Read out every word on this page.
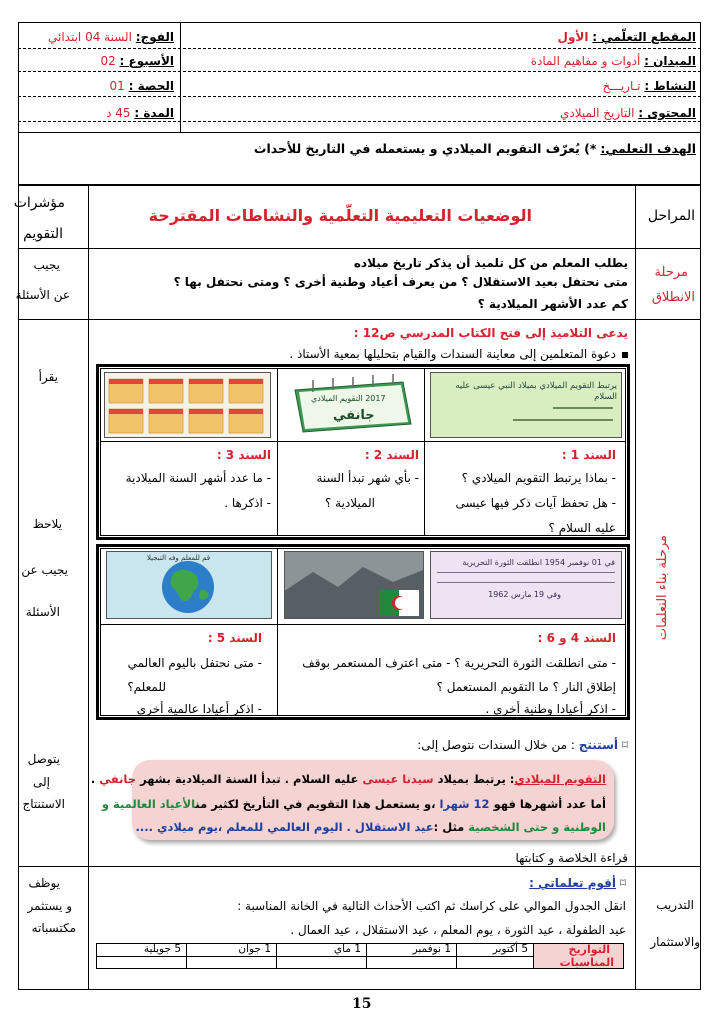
المقطع التعلّمي : الأول
الميدان : أدوات و مفاهيم المادة
النشاط : تـاريـــخ
المحتوى : التاريخ الميلادي
الفوج: السنة 04 ابتدائي
الأسبوع : 02
الحصة : 01
المدة : 45 د
الهدف التعلمي: *) يُعرّف التقويم الميلادي و يستعمله في التاريخ للأحداث
المراحل
الوضعيات التعليمية التعلّمية والنشاطات المقترحة
مؤشرات
التقويم
مرحلة
الانطلاق
يطلب المعلم من كل تلميذ أن يذكر تاريخ ميلاده
متى نحتفل بعيد الاستقلال ؟ من يعرف أعياد وطنية أخرى ؟ ومتى نحتفل بها ؟
كم عدد الأشهر الميلادية ؟
يجيب
عن الأسئلة
مرحلة بناء التعلمات
يقرأ
يلاحظ
يجيب عن
الأسئلة
يتوصل
إلى
الاستنتاج
يدعى التلاميذ إلى فتح الكتاب المدرسي ص12 :
دعوة المتعلمين إلى معاينة السندات والقيام بتحليلها بمعية الأستاذ .
2017 التقويم الميلادي
جانفي
يرتبط التقويم الميلادي بميلاد النبي عيسى عليه السلام
السند 1 :
- بماذا يرتبط التقويم الميلادي ؟
- هل تحفظ آيات ذكر فيها عيسى
عليه السلام ؟
السند 2 :
- بأي شهر تبدأ السنة
الميلادية ؟
السند 3 :
- ما عدد أشهر السنة الميلادية
- اذكرها .
قم للمعلم وفه التبجيلا	في 01 نوفمبر 1954 انطلقت الثورة التحريرية
وفي 19 مارس 1962
السند 4 و 6 :
- متى انطلقت الثورة التحريرية ؟ - متى اعترف المستعمر بوقف
إطلاق النار ؟ ما التقويم المستعمل ؟
- اذكر أعيادا وطنية أخرى .
السند 5 :
- متى نحتفل باليوم العالمي
للمعلم؟
- اذكر أعيادا عالمية أخرى
⌑ أستنتج : من خلال السندات نتوصل إلى:
التقويم الميلادي: يرتبط بميلاد سيدنا عيسى عليه السلام . تبدأ السنة الميلادية بشهر جانفي .
أما عدد أشهرها فهو 12 شهرا ،و يستعمل هذا التقويم في التأريخ لكثير منالأعياد العالمية و
الوطنية و حتى الشخصية مثل :عيد الاستقلال . اليوم العالمي للمعلم ،يوم ميلادي ....
قراءة الخلاصة و كتابتها
التدريب
والاستثمار
يوظف
و يستثمر
مكتسباته
⌑ أقوم تعلماتي :
انقل الجدول الموالي على كراسك ثم اكتب الأحداث التالية في الخانة المناسبة :
عيد الطفولة ، عيد الثورة ، يوم المعلم ، عيد الاستقلال ، عيد العمال .
التواريخ
المناسبات
5 أكتوبر
1 نوفمبر
1 ماي
1 جوان
5 جويلية
15
